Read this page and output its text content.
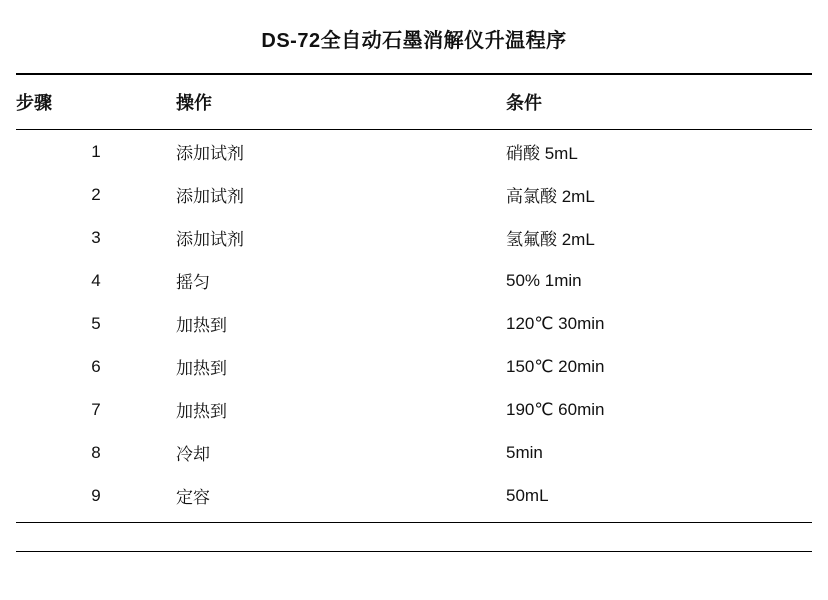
DS-72全自动石墨消解仪升温程序
步骤	操作	条件
1	添加试剂	硝酸 5mL
2	添加试剂	高氯酸 2mL
3	添加试剂	氢氟酸 2mL
4	摇匀	50% 1min
5	加热到	120℃ 30min
6	加热到	150℃ 20min
7	加热到	190℃ 60min
8	冷却	5min
9	定容	50mL
